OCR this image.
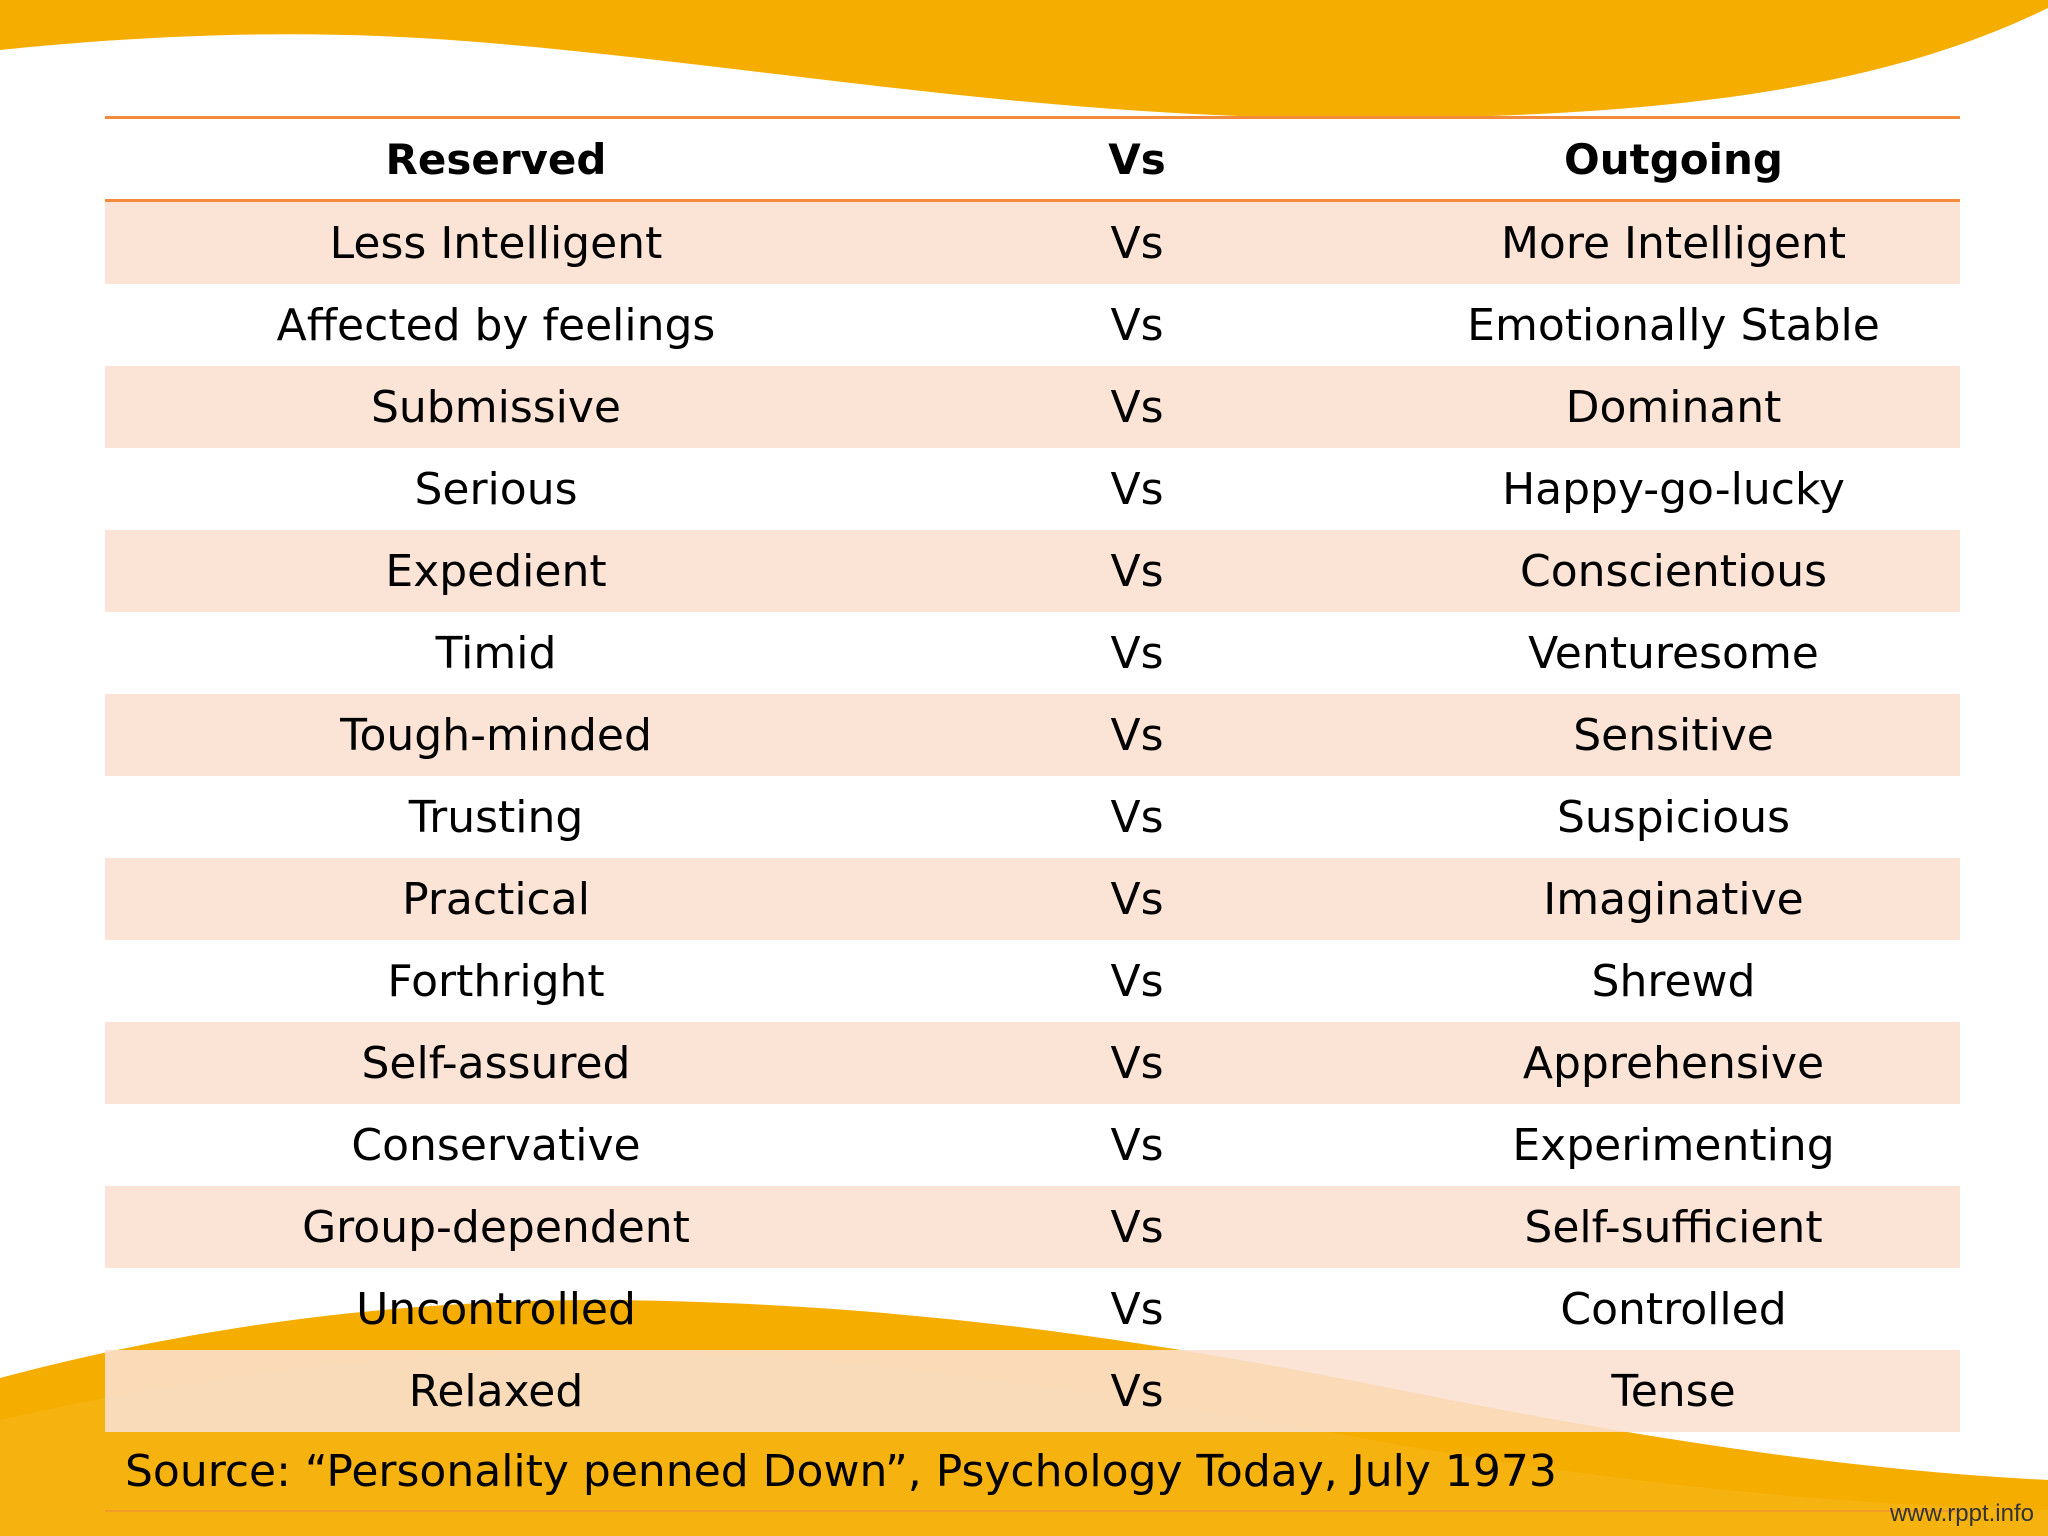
Reserved	Vs	Outgoing
Less Intelligent	Vs	More Intelligent
Affected by feelings	Vs	Emotionally Stable
Submissive	Vs	Dominant
Serious	Vs	Happy-go-lucky
Expedient	Vs	Conscientious
Timid	Vs	Venturesome
Tough-minded	Vs	Sensitive
Trusting	Vs	Suspicious
Practical	Vs	Imaginative
Forthright	Vs	Shrewd
Self-assured	Vs	Apprehensive
Conservative	Vs	Experimenting
Group-dependent	Vs	Self-sufficient
Uncontrolled	Vs	Controlled
Relaxed	Vs	Tense
Source: “Personality penned Down”, Psychology Today, July 1973
www.rppt.info
